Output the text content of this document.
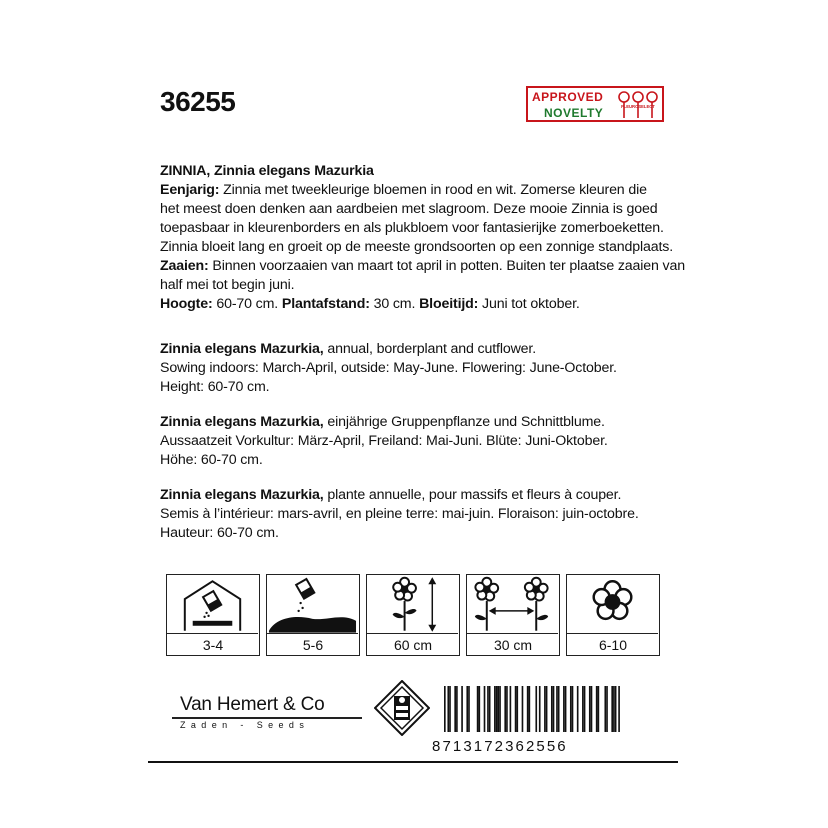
36255	APPROVED
NOVELTY	FLEUROSELECT
ZINNIA, Zinnia elegans Mazurkia
Eenjarig: Zinnia met tweekleurige bloemen in rood en wit. Zomerse kleuren die
het meest doen denken aan aardbeien met slagroom. Deze mooie Zinnia is goed
toepasbaar in kleurenborders en als plukbloem voor fantasierijke zomerboeketten.
Zinnia bloeit lang en groeit op de meeste grondsoorten op een zonnige standplaats.
Zaaien: Binnen voorzaaien van maart tot april in potten. Buiten ter plaatse zaaien van
half mei tot begin juni.
Hoogte: 60-70 cm. Plantafstand: 30 cm. Bloeitijd: Juni tot oktober.
Zinnia elegans Mazurkia, annual, borderplant and cutflower.
Sowing indoors: March-April, outside: May-June. Flowering: June-October.
Height: 60-70 cm.
Zinnia elegans Mazurkia, einjährige Gruppenpflanze und Schnittblume.
Aussaatzeit Vorkultur: März-April, Freiland: Mai-Juni. Blüte: Juni-Oktober.
Höhe: 60-70 cm.
Zinnia elegans Mazurkia, plante annuelle, pour massifs et fleurs à couper.
Semis à l’intérieur: mars-avril, en pleine terre: mai-juin. Floraison: juin-octobre.
Hauteur: 60-70 cm.
3-4	5-6	60 cm	30 cm	6-10
Van Hemert & Co
Zaden - Seeds
8713172362556
